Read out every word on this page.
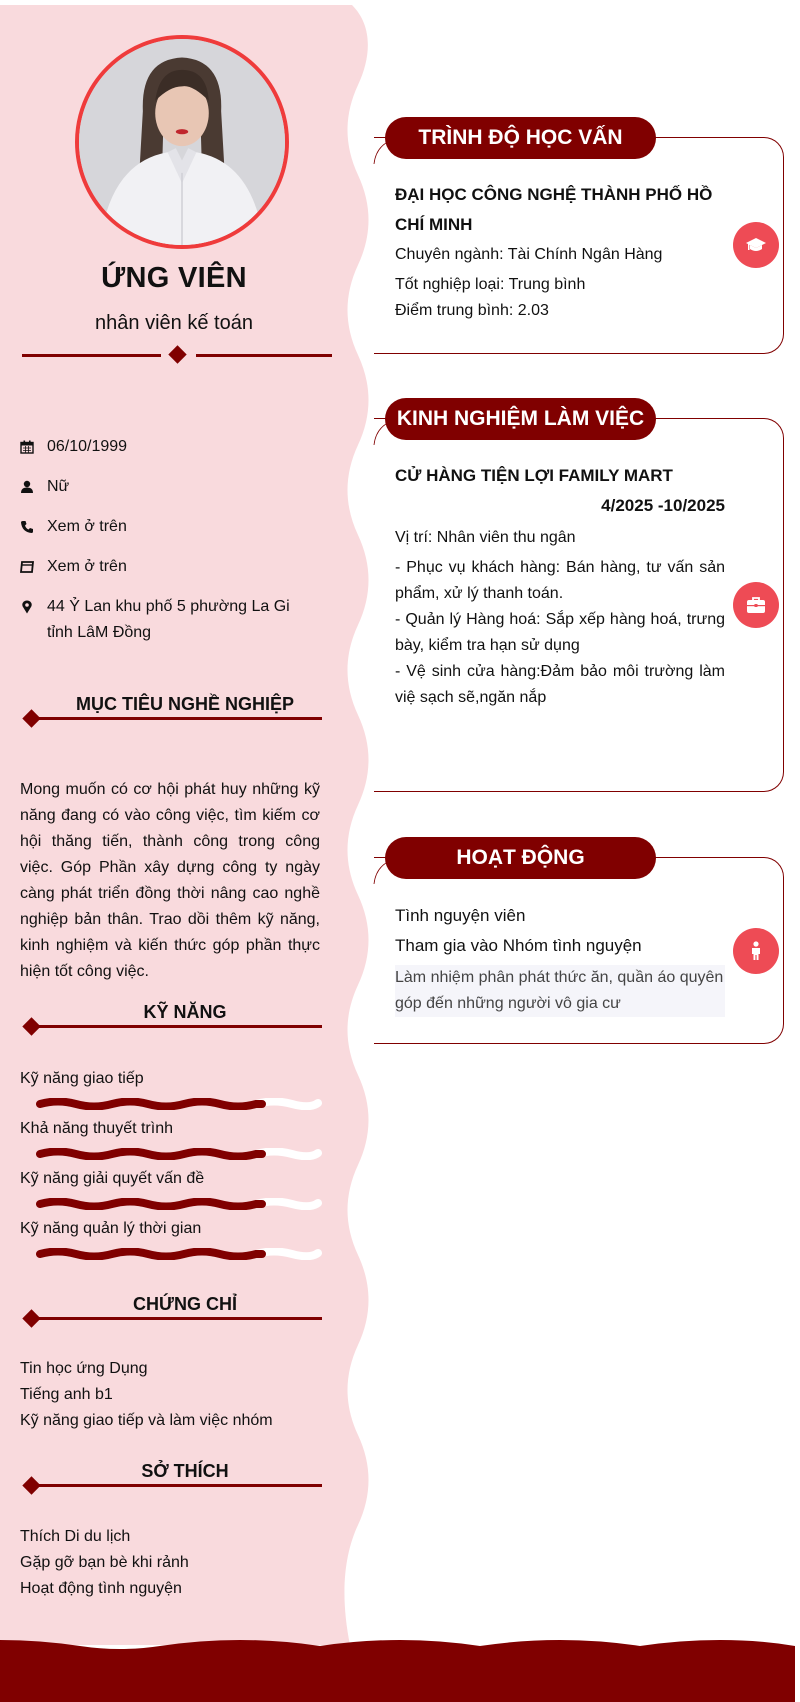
ỨNG VIÊN
nhân viên kế toán
06/10/1999
Nữ
Xem ở trên
Xem ở trên
44 Ỷ Lan khu phố 5 phường La Gi tỉnh LâM Đồng
MỤC TIÊU NGHỀ NGHIỆP
Mong muốn có cơ hội phát huy những kỹ năng đang có vào công việc, tìm kiếm cơ hội thăng tiến, thành công trong công việc. Góp Phần xây dựng công ty ngày càng phát triển đồng thời nâng cao nghề nghiệp bản thân. Trao dồi thêm kỹ năng, kinh nghiệm và kiến thức góp phần thực hiện tốt công việc.
KỸ NĂNG
Kỹ năng giao tiếp
Khả năng thuyết trình
Kỹ năng giải quyết vấn đề
Kỹ năng quản lý thời gian
CHỨNG CHỈ
Tin học ứng Dụng
Tiếng anh b1
Kỹ năng giao tiếp và làm việc nhóm
SỞ THÍCH
Thích Di du lịch
Gặp gỡ bạn bè khi rảnh
Hoạt động tình nguyện
TRÌNH ĐỘ HỌC VẤN
ĐẠI HỌC CÔNG NGHỆ THÀNH PHỐ HỒ CHÍ MINH
Chuyên ngành: Tài Chính Ngân Hàng
Tốt nghiệp loại: Trung bình
Điểm trung bình: 2.03
KINH NGHIỆM LÀM VIỆC
CỬ HÀNG TIỆN LỢI FAMILY MART
4/2025 -10/2025
Vị trí: Nhân viên thu ngân
- Phục vụ khách hàng: Bán hàng, tư vấn sản phẩm, xử lý thanh toán.
- Quản lý Hàng hoá: Sắp xếp hàng hoá, trưng bày, kiểm tra hạn sử dụng
- Vệ sinh cửa hàng:Đảm bảo môi trường làm việ sạch sẽ,ngăn nắp
HOẠT ĐỘNG
Tình nguyện viên
Tham gia vào Nhóm tình nguyện
Làm nhiệm phân phát thức ăn, quần áo quyên góp đến những người vô gia cư
